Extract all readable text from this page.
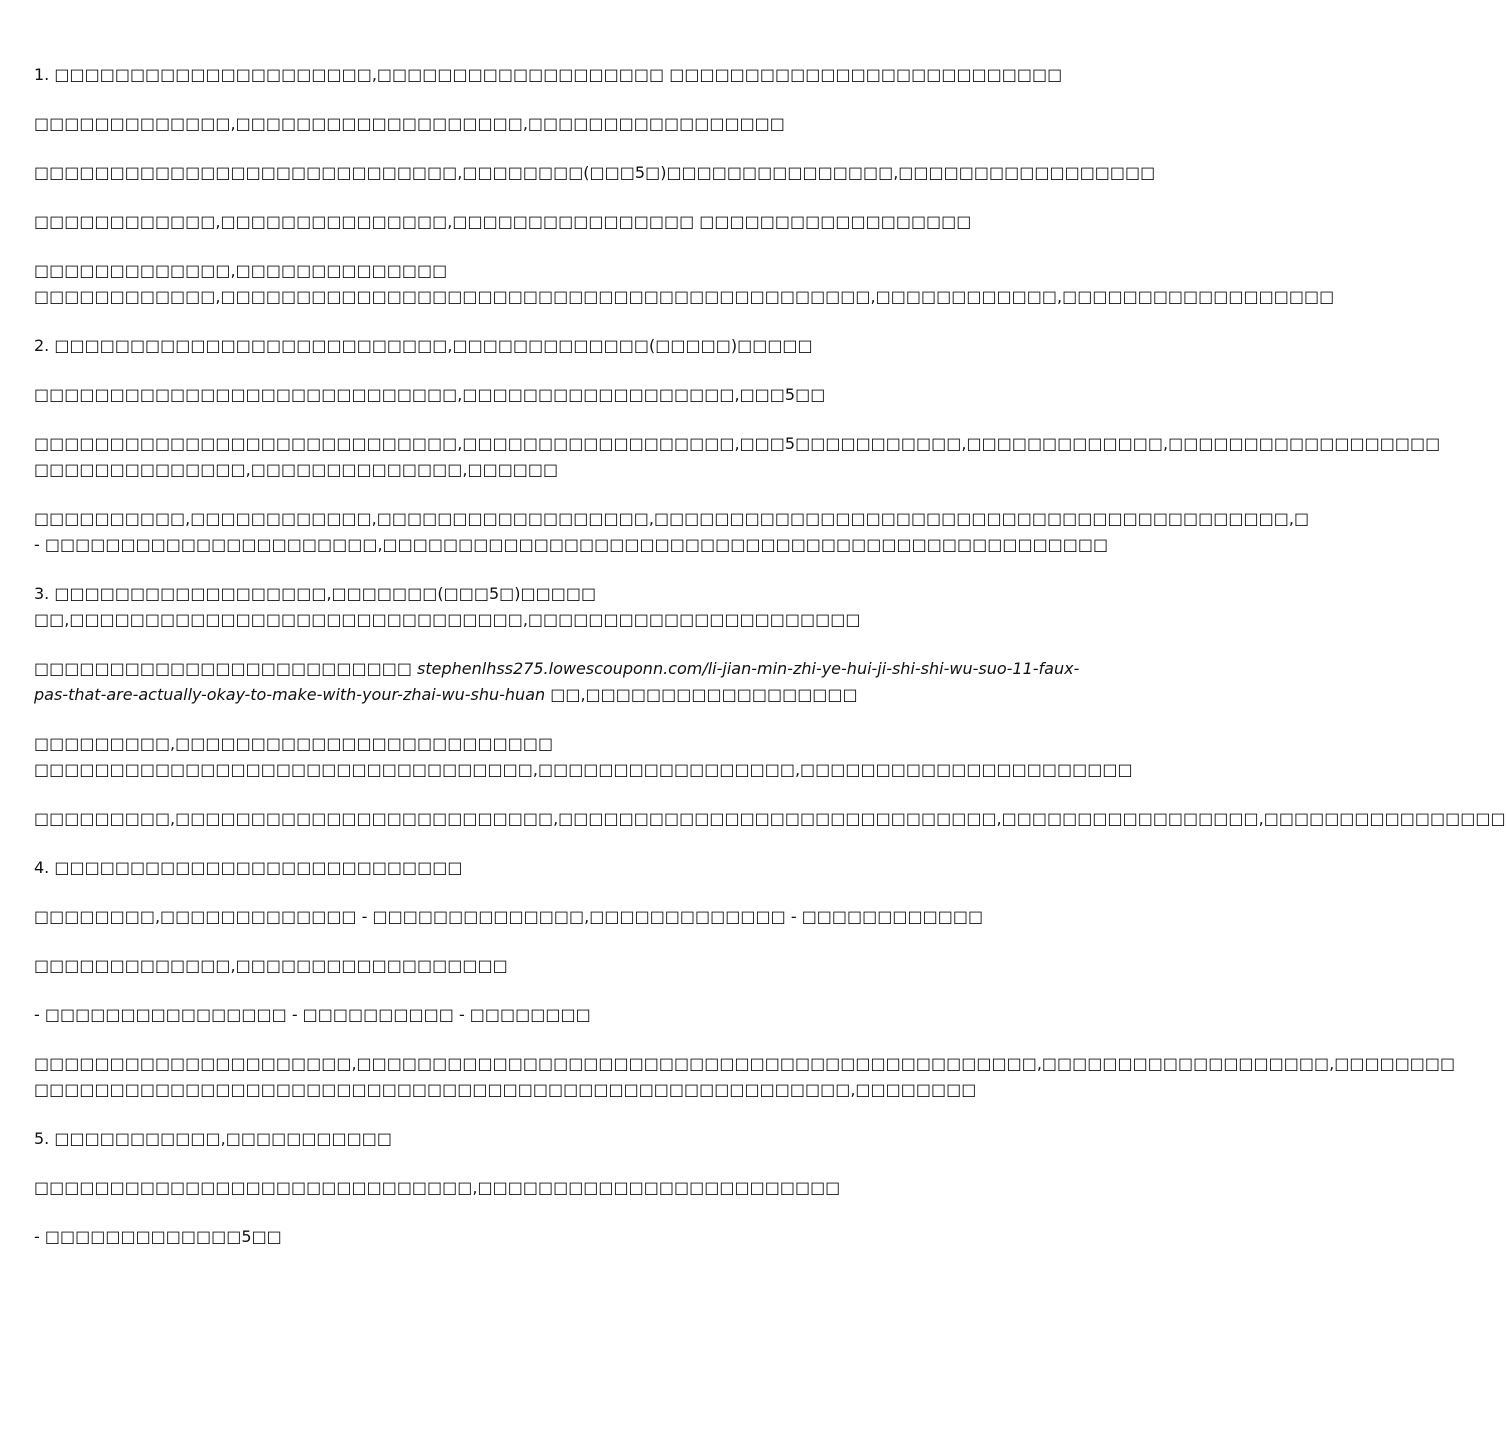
1. □□□□□□□□□□□□□□□□□□□□□,□□□□□□□□□□□□□□□□□□□ □□□□□□□□□□□□□□□□□□□□□□□□□□
□□□□□□□□□□□□□,□□□□□□□□□□□□□□□□□□□,□□□□□□□□□□□□□□□□□
□□□□□□□□□□□□□□□□□□□□□□□□□□□□,□□□□□□□□(□□□5□)□□□□□□□□□□□□□□□,□□□□□□□□□□□□□□□□□
□□□□□□□□□□□□,□□□□□□□□□□□□□□□,□□□□□□□□□□□□□□□□ □□□□□□□□□□□□□□□□□□
□□□□□□□□□□□□□,□□□□□□□□□□□□□□
□□□□□□□□□□□□,□□□□□□□□□□□□□□□□□□□□□□□□□□□□□□□□□□□□□□□□□□□,□□□□□□□□□□□□,□□□□□□□□□□□□□□□□□□
2. □□□□□□□□□□□□□□□□□□□□□□□□□□,□□□□□□□□□□□□□(□□□□□)□□□□□
□□□□□□□□□□□□□□□□□□□□□□□□□□□□,□□□□□□□□□□□□□□□□□□,□□□5□□
□□□□□□□□□□□□□□□□□□□□□□□□□□□□,□□□□□□□□□□□□□□□□□□,□□□5□□□□□□□□□□□,□□□□□□□□□□□□□,□□□□□□□□□□□□□□□□□□
□□□□□□□□□□□□□□,□□□□□□□□□□□□□□,□□□□□□
□□□□□□□□□□,□□□□□□□□□□□□,□□□□□□□□□□□□□□□□□□,□□□□□□□□□□□□□□□□□□□□□□□□□□□□□□□□□□□□□□□□□□,□
- □□□□□□□□□□□□□□□□□□□□□□,□□□□□□□□□□□□□□□□□□□□□□□□□□□□□□□□□□□□□□□□□□□□□□□□
3. □□□□□□□□□□□□□□□□□□,□□□□□□□(□□□5□)□□□□□
□□,□□□□□□□□□□□□□□□□□□□□□□□□□□□□□□,□□□□□□□□□□□□□□□□□□□□□□
□□□□□□□□□□□□□□□□□□□□□□□□□ stephenlhss275.lowescouponn.com/li-jian-min-zhi-ye-hui-ji-shi-shi-wu-suo-11-faux-
pas-that-are-actually-okay-to-make-with-your-zhai-wu-shu-huan □□,□□□□□□□□□□□□□□□□□□
□□□□□□□□□,□□□□□□□□□□□□□□□□□□□□□□□□□
□□□□□□□□□□□□□□□□□□□□□□□□□□□□□□□□□,□□□□□□□□□□□□□□□□□,□□□□□□□□□□□□□□□□□□□□□□
□□□□□□□□□,□□□□□□□□□□□□□□□□□□□□□□□□□,□□□□□□□□□□□□□□□□□□□□□□□□□□□□□,□□□□□□□□□□□□□□□□□,□□□□□□□□□□□□□□□□
4. □□□□□□□□□□□□□□□□□□□□□□□□□□□
□□□□□□□□,□□□□□□□□□□□□□ - □□□□□□□□□□□□□□,□□□□□□□□□□□□□ - □□□□□□□□□□□□
□□□□□□□□□□□□□,□□□□□□□□□□□□□□□□□□
- □□□□□□□□□□□□□□□□ - □□□□□□□□□□ - □□□□□□□□
□□□□□□□□□□□□□□□□□□□□□,□□□□□□□□□□□□□□□□□□□□□□□□□□□□□□□□□□□□□□□□□□□□□,□□□□□□□□□□□□□□□□□□□,□□□□□□□□
□□□□□□□□□□□□□□□□□□□□□□□□□□□□□□□□□□□□□□□□□□□□□□□□□□□□□□,□□□□□□□□
5. □□□□□□□□□□□,□□□□□□□□□□□
□□□□□□□□□□□□□□□□□□□□□□□□□□□□□,□□□□□□□□□□□□□□□□□□□□□□□□
- □□□□□□□□□□□□□5□□
